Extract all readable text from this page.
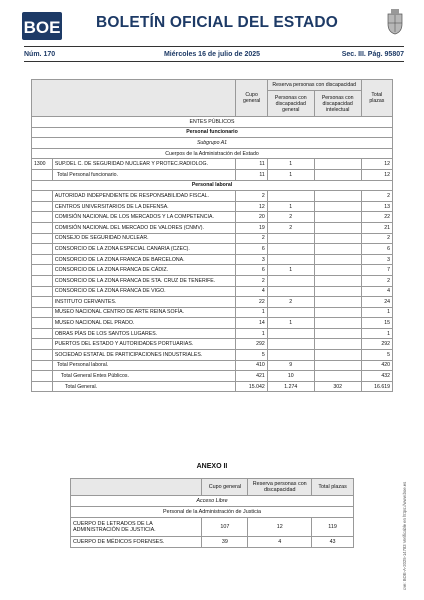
BOE BOLETÍN OFICIAL DEL ESTADO
Núm. 170	Miércoles 16 de julio de 2025	Sec. III. Pág. 95807
		Cupo general	Reserva personas con discapacidad		Total plazas
			Personas con discapacidad general	Personas con discapacidad intelectual	
ENTES PÚBLICOS					
Personal funcionario					
Subgrupo A1					
Cuerpos de la Administración del Estado					
1300	SUP.DEL C. DE SEGURIDAD NUCLEAR Y PROTEC.RADIOLOG.	11	1		12
	Total Personal funcionario.	11	1		12
Personal laboral					
	AUTORIDAD INDEPENDIENTE DE RESPONSABILIDAD FISCAL.	2			2
	CENTROS UNIVERSITARIOS DE LA DEFENSA.	12	1		13
	COMISIÓN NACIONAL DE LOS MERCADOS Y LA COMPETENCIA.	20	2		22
	COMISIÓN NACIONAL DEL MERCADO DE VALORES (CNMV).	19	2		21
	CONSEJO DE SEGURIDAD NUCLEAR.	2			2
	CONSORCIO DE LA ZONA ESPECIAL CANARIA (CZEC).	6			6
	CONSORCIO DE LA ZONA FRANCA DE BARCELONA.	3			3
	CONSORCIO DE LA ZONA FRANCA DE CÁDIZ.	6	1		7
	CONSORCIO DE LA ZONA FRANCA DE STA. CRUZ DE TENERIFE.	2			2
	CONSORCIO DE LA ZONA FRANCA DE VIGO.	4			4
	INSTITUTO CERVANTES.	22	2		24
	MUSEO NACIONAL CENTRO DE ARTE REINA SOFÍA.	1			1
	MUSEO NACIONAL DEL PRADO.	14	1		15
	OBRAS PÍAS DE LOS SANTOS LUGARES.	1			1
	PUERTOS DEL ESTADO Y AUTORIDADES PORTUARIAS.	292			292
	SOCIEDAD ESTATAL DE PARTICIPACIONES INDUSTRIALES.	5			5
	Total Personal laboral.	410	9		420
	Total General Entes Públicos.	421	10		432
	Total General.	15.042	1.274	302	16.619
ANEXO II
	Cupo general	Reserva personas con discapacidad	Total plazas
Acceso Libre			
Personal de la Administración de Justicia			
CUERPO DE LETRADOS DE LA ADMINISTRACIÓN DE JUSTICIA.	107	12	119
CUERPO DE MÉDICOS FORENSES.	39	4	43	cve: BOE-A-2025-14783 Verificable en https://www.boe.es
